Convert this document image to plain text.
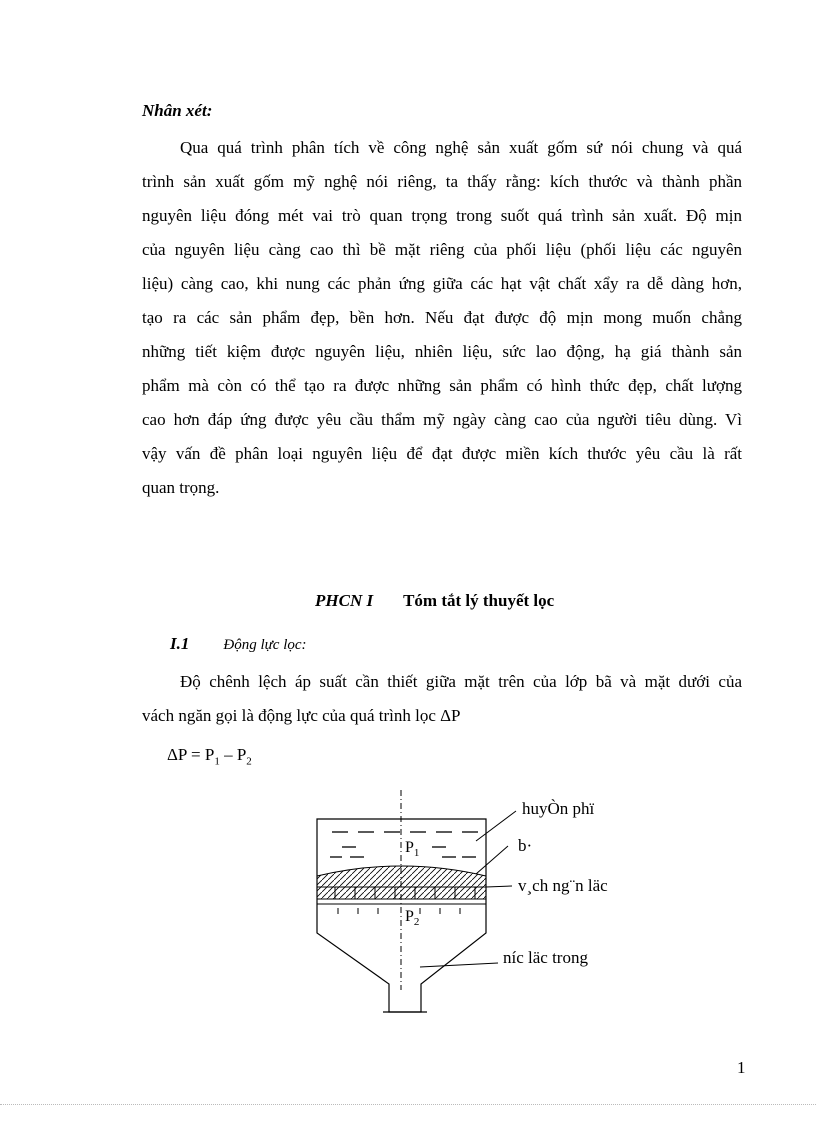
Nhân xét:
Qua quá trình phân tích về công nghệ sản xuất gốm sứ nói chung và quá
trình sản xuất gốm mỹ nghệ nói riêng, ta thấy rằng: kích thước và thành phần
nguyên liệu đóng mét vai trò quan trọng trong suốt quá trình sản xuất. Độ mịn
của nguyên liệu càng cao thì bề mặt riêng của phối liệu (phối liệu các nguyên
liệu) càng cao, khi nung các phản ứng giữa các hạt vật chất xẩy ra dễ dàng hơn,
tạo ra các sản phẩm đẹp, bền hơn. Nếu đạt được độ mịn mong muốn chẳng
những tiết kiệm được nguyên liệu, nhiên liệu, sức lao động, hạ giá thành sản
phẩm mà còn có thể tạo ra được những sản phẩm có hình thức đẹp, chất lượng
cao hơn đáp ứng được yêu cầu thẩm mỹ ngày càng cao của người tiêu dùng. Vì
vậy vấn đề phân loại nguyên liệu để đạt được miền kích thước yêu cầu là rất
quan trọng.
PHCN I Tóm tắt lý thuyết lọc
I.1 Động lực lọc:
Độ chênh lệch áp suất cần thiết giữa mặt trên của lớp bã và mặt dưới của
vách ngăn gọi là động lực của quá trình lọc ΔP
$\Delta P = P_1 - P_2$
$P_1$
$P_2$
huyÒn phï
b·
v¸ch ng¨n läc
níc läc trong
1
